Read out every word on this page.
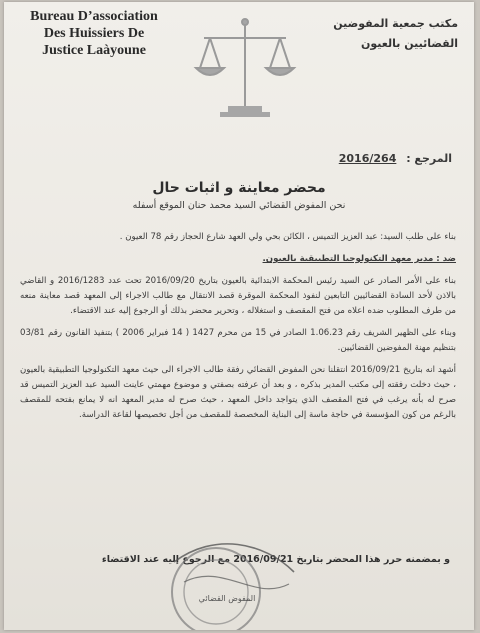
Bureau D’association
Des Huissiers De
Justice Laàyoune
مكتب جمعية المفوضين
القضائيين بالعيون
المرجع : 2016/264
محضر معاينة و اثبات حال
نحن المفوض القضائي السيد محمد حنان الموقع أسفله

بناء على طلب السيد: عبد العزيز التميس ، الكائن بحي ولي العهد شارع الحجاز رقم 78 العيون .

ضد : مدير معهد التكنولوجيا التطبيقية بالعيون.

بناء على الأمر الصادر عن السيد رئيس المحكمة الابتدائية بالعيون بتاريخ 2016/09/20 تحت عدد 2016/1283 و القاضي بالاذن لأحد السادة القضائيين التابعين لنفوذ المحكمة الموقرة قصد الانتقال مع طالب الاجراء إلى المعهد قصد معاينة منعه من طرف المطلوب ضده اعلاه من فتح المقصف و استغلاله ، وتحرير محضر بذلك أو الرجوع إليه عند الاقتضاء.

وبناء على الظهير الشريف رقم 1.06.23 الصادر في 15 من محرم 1427 ( 14 فبراير 2006 ) بتنفيذ القانون رقم 03/81 بتنظيم مهنة المفوضين القضائيين.

أشهد انه بتاريخ 2016/09/21 انتقلنا نحن المفوض القضائي رفقة طالب الاجراء الى حيث معهد التكنولوجيا التطبيقية بالعيون ، حيث دخلت رفقته إلى مكتب المدير بذكره ، و بعد أن عرفته بصفتي و موضوع مهمتي عاينت السيد عبد العزيز التميس قد صرح له بأنه يرغب في فتح المقصف الذي يتواجد داخل المعهد ، حيث صرح له مدير المعهد انه لا يمانع بفتحه للمقصف بالرغم من كون المؤسسة في حاجة ماسة إلى البناية المخصصة للمقصف من أجل تخصيصها لقاعة الدراسة.

و بمضمنه حرر هذا المحضر بتاريخ 2016/09/21 مع الرجوع إليه عند الاقتضاء
المفوض القضائي
